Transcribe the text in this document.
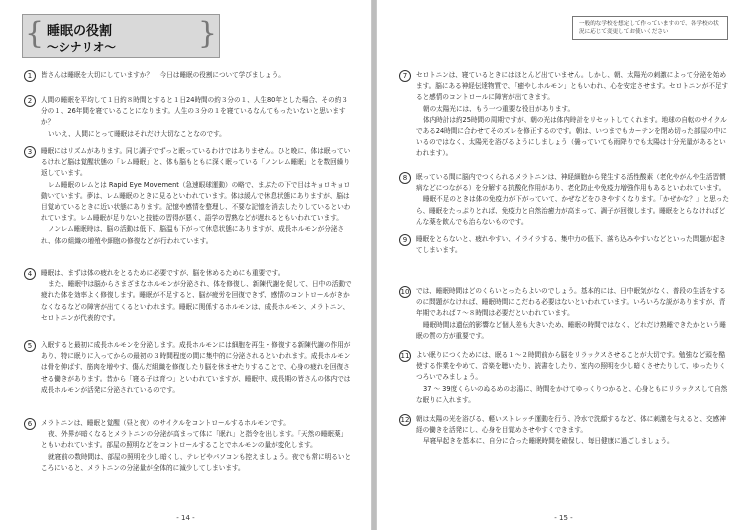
{ 睡眠の役割
〜シナリオ〜	}
1	皆さんは睡眠を大切にしていますか？　今日は睡眠の役割について学びましょう。

2	人間の睡眠を平均して１日約８時間とすると１日24時間の約３分の１、人生80年とした場合、その約３分の１、26年間を寝ていることになります。人生の３分の１を寝ているなんてもったいないと思いますか？

いいえ、人間にとって睡眠はそれだけ大切なことなのです。

3	睡眠にはリズムがあります。同じ調子でずっと眠っているわけではありません。ひと晩に、体は眠っているけれど脳は覚醒状態の「レム睡眠」と、体も脳もともに深く眠っている「ノンレム睡眠」とを数回繰り返しています。

レム睡眠のレムとは Rapid Eye Movement（急速眼球運動）の略で、まぶたの下で目はキョロキョロ動いています。夢は、レム睡眠のときに見るといわれています。体は緩んで休息状態にありますが、脳は目覚めているときに近い状態にあります。記憶や感情を整理し、不要な記憶を消去したりしているといわれています。レム睡眠が足りないと技能の習得が悪く、語学の習熟などが遅れるともいわれています。

ノンレム睡眠時は、脳の活動は低下、脳温も下がって休息状態にありますが、成長ホルモンが分泌され、体の組織の増殖や細胞の修復などが行われています。

4	睡眠は、まずは体の疲れをとるために必要ですが、脳を休めるためにも重要です。

また、睡眠中は脳からさまざまなホルモンが分泌され、体を修復し、新陳代謝を促して、日中の活動で疲れた体を効率よく修復します。睡眠が不足すると、脳が疲労を回復できず、感情のコントロールがきかなくなるなどの障害が出てくるといわれます。睡眠に関係するホルモンは、成長ホルモン、メラトニン、セロトニンが代表的です。

5	入眠すると最初に成長ホルモンを分泌します。成長ホルモンには細胞を再生・修復する新陳代謝の作用があり、特に眠りに入ってからの最初の３時間程度の間に集中的に分泌されるといわれます。成長ホルモンは骨を伸ばす、筋肉を増やす、傷んだ組織を修復したり脳を休ませたりすることで、心身の疲れを回復させる働きがあります。昔から「寝る子は育つ」といわれていますが、睡眠中、成長期の皆さんの体内では成長ホルモンが活発に分泌されているのです。

6	メラトニンは、睡眠と覚醒（昼と夜）のサイクルをコントロールするホルモンです。

夜、外界が暗くなるとメラトニンの分泌が高まって体に「眠れ」と指令を出します。「天然の睡眠薬」ともいわれています。部屋の照明などをコントロールすることでホルモンの量が変化します。

就寝前の数時間は、部屋の照明を少し暗くし、テレビやパソコンも控えましょう。夜でも常に明るいところにいると、メラトニンの分泌量が全体的に減少してしまいます。

- 14 -
一般的な学校を想定して作っていますので、各学校の状況に応じて変更してお使いください
7	セロトニンは、寝ているときにはほとんど出ていません。しかし、朝、太陽光の刺激によって分泌を始めます。脳にある神経伝達物質で、「癒やしホルモン」ともいわれ、心を安定させます。セロトニンが不足すると感情のコントロールに障害が出てきます。

朝の太陽光には、もう一つ重要な役目があります。

体内時計は約25時間の周期ですが、朝の光は体内時計をリセットしてくれます。地球の自転のサイクルである24時間に合わせてそのズレを修正するのです。朝は、いつまでもカーテンを閉め切った部屋の中にいるのではなく、太陽光を浴びるようにしましょう（曇っていても雨降りでも太陽は十分光量があるといわれます）。

8	眠っている間に脳内でつくられるメラトニンは、神経細胞から発生する活性酸素（老化やがんや生活習慣病などにつながる）を分解する抗酸化作用があり、老化防止や免疫力増強作用もあるといわれています。

睡眠不足のときは体の免疫力が下がっていて、かぜなどをひきやすくなります。「かぜかな？」と思ったら、睡眠をたっぷりとれば、免疫力と自然治癒力が高まって、調子が回復します。睡眠をとらなければどんな薬を飲んでも治らないものです。

9	睡眠をとらないと、疲れやすい、イライラする、集中力の低下、落ち込みやすいなどといった問題が起きてしまいます。

10 では、睡眠時間はどのくらいとったらよいのでしょう。基本的には、日中眠気がなく、普段の生活をするのに問題がなければ、睡眠時間にこだわる必要はないといわれています。いろいろな説がありますが、青年期であれば７〜８時間は必要だといわれています。

睡眠時間は遺伝的影響など個人差も大きいため、睡眠の時間ではなく、どれだけ熟睡できたかという睡眠の質の方が重要です。

11 よい眠りにつくためには、眠る１〜２時間前から脳をリラックスさせることが大切です。勉強など頭を酷使する作業をやめて、音楽を聴いたり、読書をしたり、室内の照明を少し暗くさせたりして、ゆったりくつろいでみましょう。

37 〜 39度くらいのぬるめのお湯に、時間をかけてゆっくりつかると、心身ともにリラックスして自然な眠りに入れます。

12 朝は太陽の光を浴びる、軽いストレッチ運動を行う、冷水で洗顔するなど、体に刺激を与えると、交感神経の働きを活発にし、心身を目覚めさせやすくできます。

早寝早起きを基本に、自分に合った睡眠時間を確保し、毎日健康に過ごしましょう。

- 15 -
